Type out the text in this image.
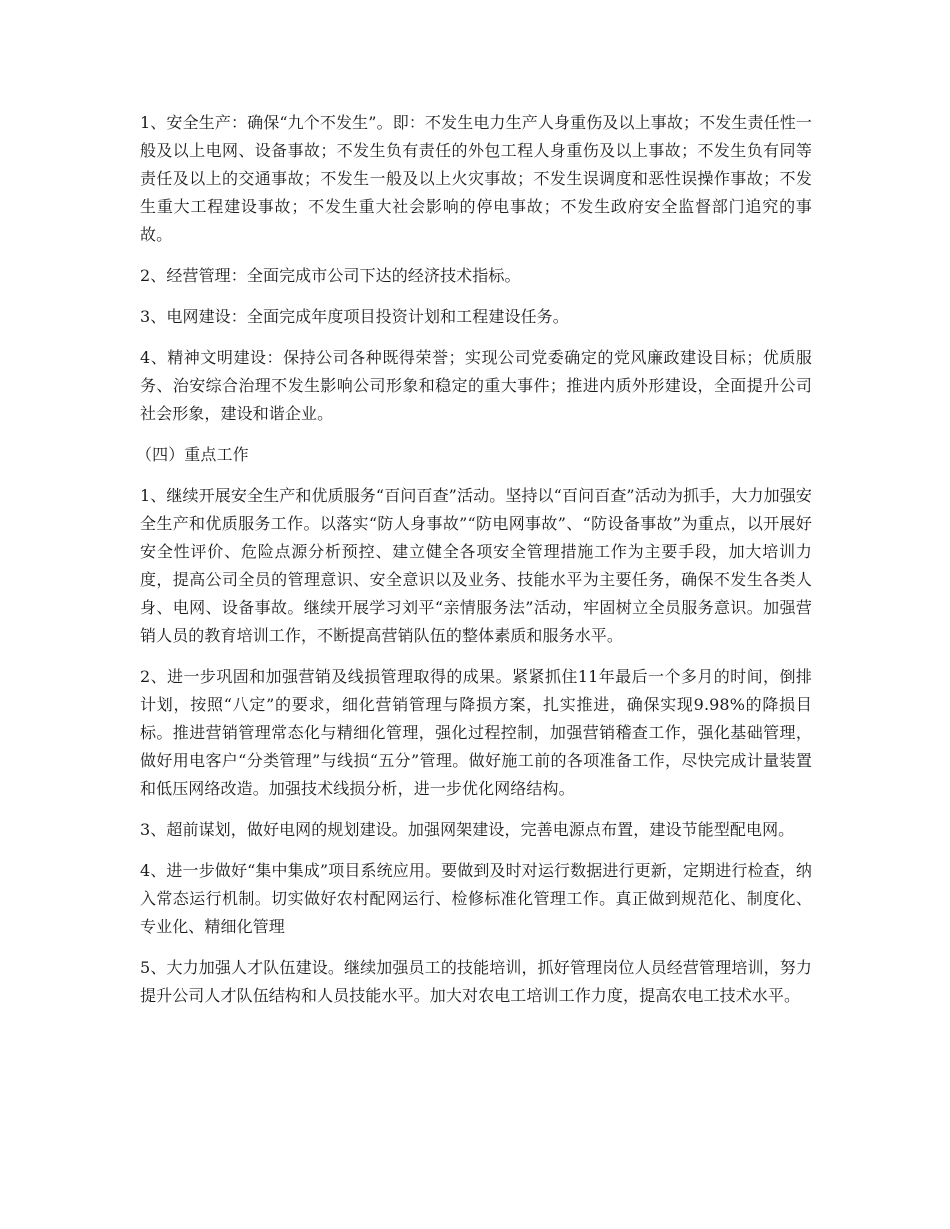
1、安全生产：确保“九个不发生”。即：不发生电力生产人身重伤及以上事故；不发生责任性一般及以上电网、设备事故；不发生负有责任的外包工程人身重伤及以上事故；不发生负有同等责任及以上的交通事故；不发生一般及以上火灾事故；不发生误调度和恶性误操作事故；不发生重大工程建设事故；不发生重大社会影响的停电事故；不发生政府安全监督部门追究的事故。

2、经营管理：全面完成市公司下达的经济技术指标。

3、电网建设：全面完成年度项目投资计划和工程建设任务。

4、精神文明建设：保持公司各种既得荣誉；实现公司党委确定的党风廉政建设目标；优质服务、治安综合治理不发生影响公司形象和稳定的重大事件；推进内质外形建设，全面提升公司社会形象，建设和谐企业。

（四）重点工作

1、继续开展安全生产和优质服务“百问百查”活动。坚持以“百问百查”活动为抓手，大力加强安全生产和优质服务工作。以落实“防人身事故”“防电网事故”、“防设备事故”为重点，以开展好安全性评价、危险点源分析预控、建立健全各项安全管理措施工作为主要手段，加大培训力度，提高公司全员的管理意识、安全意识以及业务、技能水平为主要任务，确保不发生各类人身、电网、设备事故。继续开展学习刘平“亲情服务法”活动，牢固树立全员服务意识。加强营销人员的教育培训工作，不断提高营销队伍的整体素质和服务水平。

2、进一步巩固和加强营销及线损管理取得的成果。紧紧抓住11年最后一个多月的时间，倒排计划，按照“八定”的要求，细化营销管理与降损方案，扎实推进，确保实现9.98%的降损目标。推进营销管理常态化与精细化管理，强化过程控制，加强营销稽查工作，强化基础管理，做好用电客户“分类管理”与线损“五分”管理。做好施工前的各项准备工作，尽快完成计量装置和低压网络改造。加强技术线损分析，进一步优化网络结构。

3、超前谋划，做好电网的规划建设。加强网架建设，完善电源点布置，建设节能型配电网。

4、进一步做好“集中集成”项目系统应用。要做到及时对运行数据进行更新，定期进行检查，纳入常态运行机制。切实做好农村配网运行、检修标准化管理工作。真正做到规范化、制度化、专业化、精细化管理

5、大力加强人才队伍建设。继续加强员工的技能培训，抓好管理岗位人员经营管理培训，努力提升公司人才队伍结构和人员技能水平。加大对农电工培训工作力度，提高农电工技术水平。
